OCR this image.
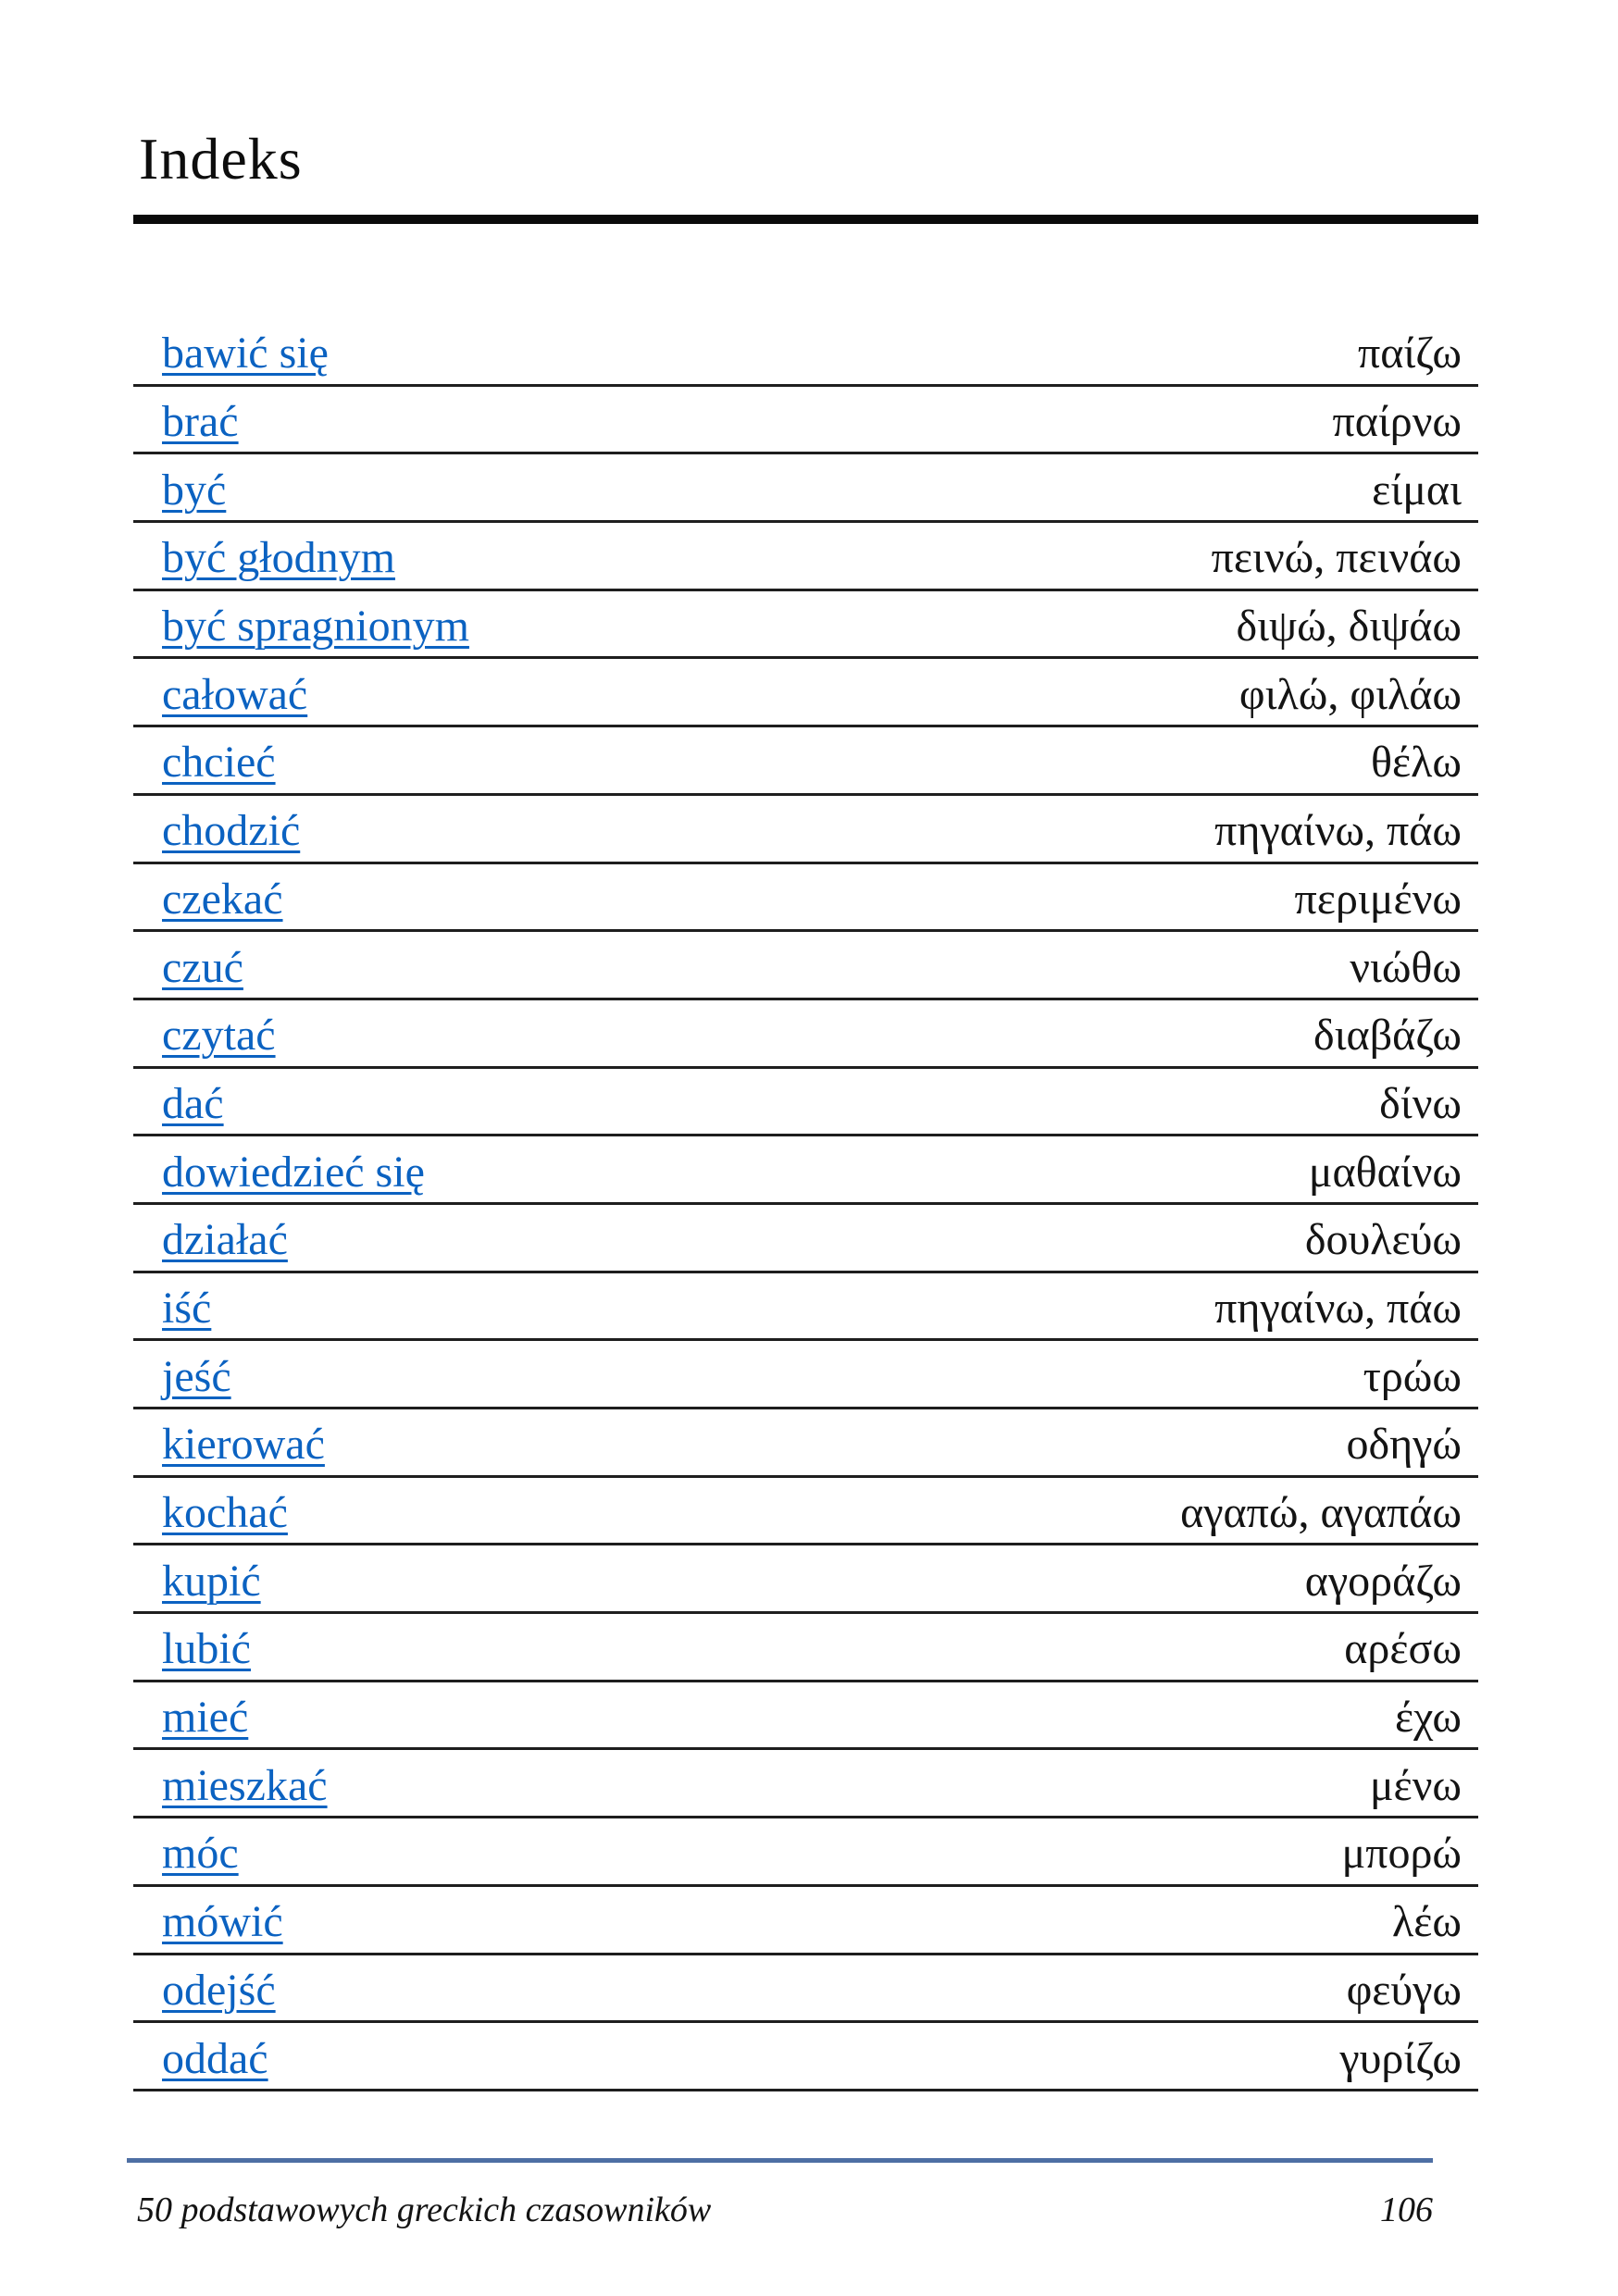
Indeks
bawić się	παίζω
brać	παίρνω
być	είμαι
być głodnym	πεινώ, πεινάω
być spragnionym	διψώ, διψάω
całować	φιλώ, φιλάω
chcieć	θέλω
chodzić	πηγαίνω, πάω
czekać	περιμένω
czuć	νιώθω
czytać	διαβάζω
dać	δίνω
dowiedzieć się	μαθαίνω
działać	δουλεύω
iść	πηγαίνω, πάω
jeść	τρώω
kierować	οδηγώ
kochać	αγαπώ, αγαπάω
kupić	αγοράζω
lubić	αρέσω
mieć	έχω
mieszkać	μένω
móc	μπορώ
mówić	λέω
odejść	φεύγω
oddać	γυρίζω
50 podstawowych greckich czasowników	106
